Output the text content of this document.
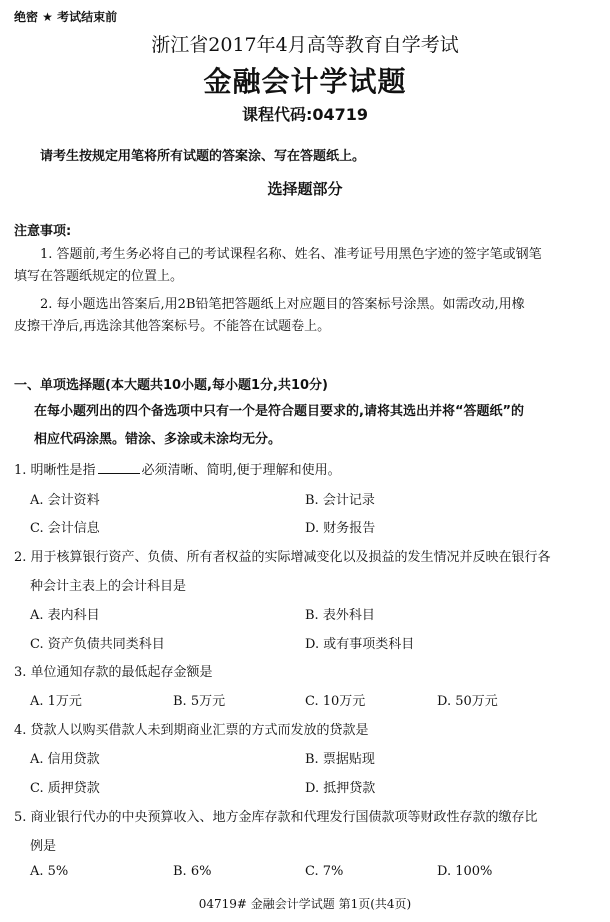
绝密 ★ 考试结束前
浙江省2017年4月高等教育自学考试
金融会计学试题
课程代码:04719
请考生按规定用笔将所有试题的答案涂、写在答题纸上。
选择题部分
注意事项:
1. 答题前,考生务必将自己的考试课程名称、姓名、准考证号用黑色字迹的签字笔或钢笔
填写在答题纸规定的位置上。
2. 每小题选出答案后,用2B铅笔把答题纸上对应题目的答案标号涂黑。如需改动,用橡
皮擦干净后,再选涂其他答案标号。不能答在试题卷上。
一、单项选择题(本大题共10小题,每小题1分,共10分)
在每小题列出的四个备选项中只有一个是符合题目要求的,请将其选出并将“答题纸”的
相应代码涂黑。错涂、多涂或未涂均无分。
1. 明晰性是指	必须清晰、简明,便于理解和使用。
A. 会计资料	B. 会计记录
C. 会计信息	D. 财务报告
2. 用于核算银行资产、负债、所有者权益的实际增减变化以及损益的发生情况并反映在银行各
种会计主表上的会计科目是
A. 表内科目	B. 表外科目
C. 资产负债共同类科目	D. 或有事项类科目
3. 单位通知存款的最低起存金额是
A. 1万元	B. 5万元	C. 10万元	D. 50万元
4. 贷款人以购买借款人未到期商业汇票的方式而发放的贷款是
A. 信用贷款	B. 票据贴现
C. 质押贷款	D. 抵押贷款
5. 商业银行代办的中央预算收入、地方金库存款和代理发行国债款项等财政性存款的缴存比
例是
A. 5%	B. 6%	C. 7%	D. 100%
04719# 金融会计学试题 第1页(共4页)
